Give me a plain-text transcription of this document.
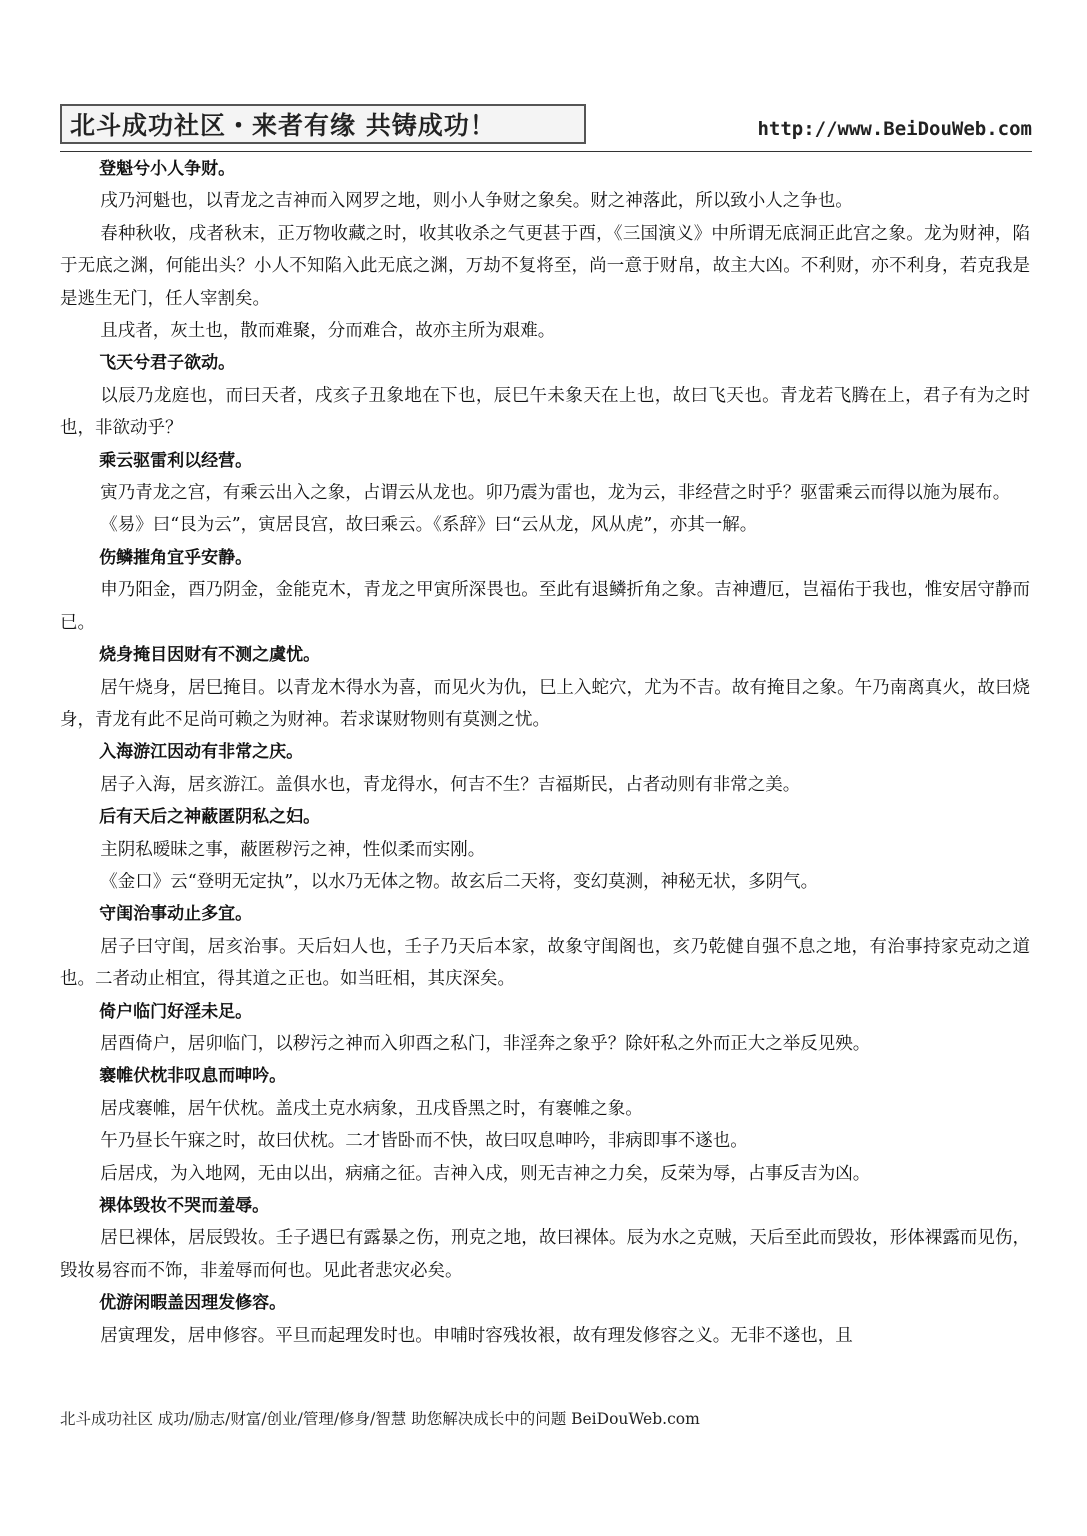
北斗成功社区・来者有缘 共铸成功！	http://www.BeiDouWeb.com

登魁兮小人争财。

戌乃河魁也，以青龙之吉神而入网罗之地，则小人争财之象矣。财之神落此，所以致小人之争也。

春种秋收，戌者秋末，正万物收藏之时，收其收杀之气更甚于酉，《三国演义》中所谓无底洞正此宫之象。龙为财神，陷于无底之渊，何能出头？小人不知陷入此无底之渊，万劫不复将至，尚一意于财帛，故主大凶。不利财，亦不利身，若克我是是逃生无门，任人宰割矣。

且戌者，灰土也，散而难聚，分而难合，故亦主所为艰难。

飞天兮君子欲动。

以辰乃龙庭也，而曰天者，戌亥子丑象地在下也，辰巳午未象天在上也，故曰飞天也。青龙若飞腾在上，君子有为之时也，非欲动乎？

乘云驱雷利以经营。

寅乃青龙之宫，有乘云出入之象，占谓云从龙也。卯乃震为雷也，龙为云，非经营之时乎？驱雷乘云而得以施为展布。

《易》曰“艮为云”，寅居艮宫，故曰乘云。《系辞》曰“云从龙，风从虎”，亦其一解。

伤鳞摧角宜乎安静。

申乃阳金，酉乃阴金，金能克木，青龙之甲寅所深畏也。至此有退鳞折角之象。吉神遭厄，岂福佑于我也，惟安居守静而已。

烧身掩目因财有不测之虞忧。

居午烧身，居巳掩目。以青龙木得水为喜，而见火为仇，巳上入蛇穴，尤为不吉。故有掩目之象。午乃南离真火，故曰烧身，青龙有此不足尚可赖之为财神。若求谋财物则有莫测之忧。

入海游江因动有非常之庆。

居子入海，居亥游江。盖俱水也，青龙得水，何吉不生？吉福斯民，占者动则有非常之美。

后有天后之神蔽匿阴私之妇。

主阴私暧昧之事，蔽匿秽污之神，性似柔而实刚。

《金口》云“登明无定执”，以水乃无体之物。故玄后二天将，变幻莫测，神秘无状，多阴气。

守闺治事动止多宜。

居子曰守闺，居亥治事。天后妇人也，壬子乃天后本家，故象守闺阁也，亥乃乾健自强不息之地，有治事持家克动之道也。二者动止相宜，得其道之正也。如当旺相，其庆深矣。

倚户临门好淫未足。

居酉倚户，居卯临门，以秽污之神而入卯酉之私门，非淫奔之象乎？除奸私之外而正大之举反见殃。

褰帷伏枕非叹息而呻吟。

居戌褰帷，居午伏枕。盖戌土克水病象，丑戌昏黑之时，有褰帷之象。

午乃昼长午寐之时，故曰伏枕。二才皆卧而不快，故曰叹息呻吟，非病即事不遂也。

后居戌，为入地网，无由以出，病痛之征。吉神入戌，则无吉神之力矣，反荣为辱，占事反吉为凶。

裸体毁妆不哭而羞辱。

居巳裸体，居辰毁妆。壬子遇巳有露暴之伤，刑克之地，故曰裸体。辰为水之克贼，天后至此而毁妆，形体裸露而见伤，毁妆易容而不饰，非羞辱而何也。见此者悲灾必矣。

优游闲暇盖因理发修容。

居寅理发，居申修容。平旦而起理发时也。申哺时容残妆裉，故有理发修容之义。无非不遂也，且

北斗成功社区 成功/励志/财富/创业/管理/修身/智慧 助您解决成长中的问题 BeiDouWeb.com
